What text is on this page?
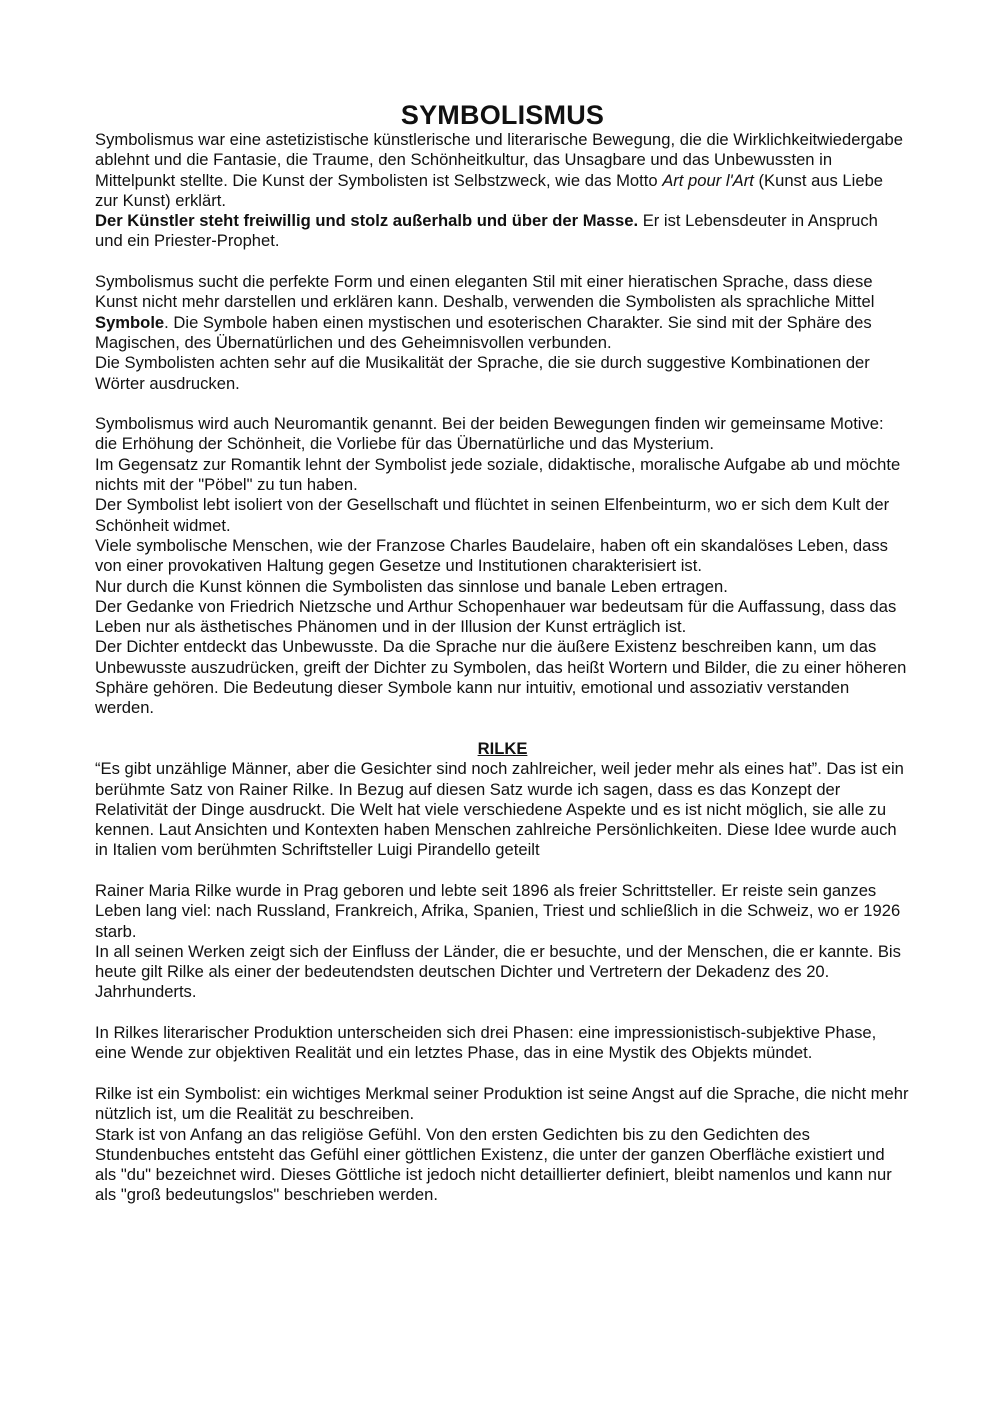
SYMBOLISMUS

Symbolismus war eine astetizistische künstlerische und literarische Bewegung, die die Wirklichkeitwiedergabe ablehnt und die Fantasie, die Traume, den Schönheitkultur, das Unsagbare und das Unbewussten in Mittelpunkt stellte. Die Kunst der Symbolisten ist Selbstzweck, wie das Motto Art pour l'Art (Kunst aus Liebe zur Kunst) erklärt.

Der Künstler steht freiwillig und stolz außerhalb und über der Masse. Er ist Lebensdeuter in Anspruch und ein Priester-Prophet.

Symbolismus sucht die perfekte Form und einen eleganten Stil mit einer hieratischen Sprache, dass diese Kunst nicht mehr darstellen und erklären kann. Deshalb, verwenden die Symbolisten als sprachliche Mittel Symbole. Die Symbole haben einen mystischen und esoterischen Charakter. Sie sind mit der Sphäre des Magischen, des Übernatürlichen und des Geheimnisvollen verbunden.

Die Symbolisten achten sehr auf die Musikalität der Sprache, die sie durch suggestive Kombinationen der Wörter ausdrucken.

Symbolismus wird auch Neuromantik genannt. Bei der beiden Bewegungen finden wir gemeinsame Motive: die Erhöhung der Schönheit, die Vorliebe für das Übernatürliche und das Mysterium.

Im Gegensatz zur Romantik lehnt der Symbolist jede soziale, didaktische, moralische Aufgabe ab und möchte nichts mit der "Pöbel" zu tun haben.

Der Symbolist lebt isoliert von der Gesellschaft und flüchtet in seinen Elfenbeinturm, wo er sich dem Kult der Schönheit widmet.

Viele symbolische Menschen, wie der Franzose Charles Baudelaire, haben oft ein skandalöses Leben, dass von einer provokativen Haltung gegen Gesetze und Institutionen charakterisiert ist.

Nur durch die Kunst können die Symbolisten das sinnlose und banale Leben ertragen.

Der Gedanke von Friedrich Nietzsche und Arthur Schopenhauer war bedeutsam für die Auffassung, dass das Leben nur als ästhetisches Phänomen und in der Illusion der Kunst erträglich ist.

Der Dichter entdeckt das Unbewusste. Da die Sprache nur die äußere Existenz beschreiben kann, um das Unbewusste auszudrücken, greift der Dichter zu Symbolen, das heißt Wortern und Bilder, die zu einer höheren Sphäre gehören. Die Bedeutung dieser Symbole kann nur intuitiv, emotional und assoziativ verstanden werden.

RILKE

“Es gibt unzählige Männer, aber die Gesichter sind noch zahlreicher, weil jeder mehr als eines hat”. Das ist ein berühmte Satz von Rainer Rilke. In Bezug auf diesen Satz wurde ich sagen, dass es das Konzept der Relativität der Dinge ausdruckt. Die Welt hat viele verschiedene Aspekte und es ist nicht möglich, sie alle zu kennen. Laut Ansichten und Kontexten haben Menschen zahlreiche Persönlichkeiten. Diese Idee wurde auch in Italien vom berühmten Schriftsteller Luigi Pirandello geteilt

Rainer Maria Rilke wurde in Prag geboren und lebte seit 1896 als freier Schrittsteller. Er reiste sein ganzes Leben lang viel: nach Russland, Frankreich, Afrika, Spanien, Triest und schließlich in die Schweiz, wo er 1926 starb.

In all seinen Werken zeigt sich der Einfluss der Länder, die er besuchte, und der Menschen, die er kannte. Bis heute gilt Rilke als einer der bedeutendsten deutschen Dichter und Vertretern der Dekadenz des 20. Jahrhunderts.

In Rilkes literarischer Produktion unterscheiden sich drei Phasen: eine impressionistisch-subjektive Phase, eine Wende zur objektiven Realität und ein letztes Phase, das in eine Mystik des Objekts mündet.

Rilke ist ein Symbolist: ein wichtiges Merkmal seiner Produktion ist seine Angst auf die Sprache, die nicht mehr nützlich ist, um die Realität zu beschreiben.

Stark ist von Anfang an das religiöse Gefühl. Von den ersten Gedichten bis zu den Gedichten des Stundenbuches entsteht das Gefühl einer göttlichen Existenz, die unter der ganzen Oberfläche existiert und als "du" bezeichnet wird. Dieses Göttliche ist jedoch nicht detaillierter definiert, bleibt namenlos und kann nur als "groß bedeutungslos" beschrieben werden.
